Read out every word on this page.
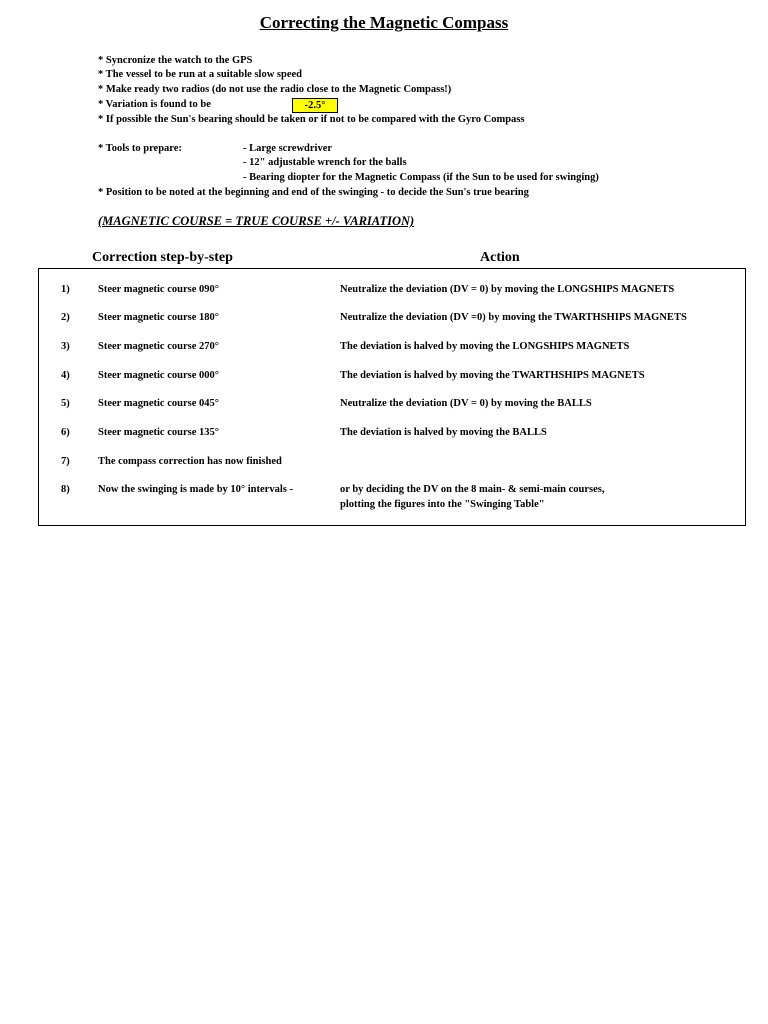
Correcting the Magnetic Compass
* Syncronize the watch to the GPS
* The vessel to be run at a suitable slow speed
* Make ready two radios (do not use the radio close to the Magnetic Compass!)
* Variation is found to be	-2.5°
* If possible the Sun's bearing should be taken or if not to be compared with the Gyro Compass
* Tools to prepare:	- Large screwdriver
- 12" adjustable wrench for the balls
- Bearing diopter for the Magnetic Compass (if the Sun to be used for swinging)
* Position to be noted at the beginning and end of the swinging - to decide the Sun's true bearing
(MAGNETIC COURSE = TRUE COURSE +/- VARIATION)
Correction step-by-step	Action
1)	Steer magnetic course 090°	Neutralize the deviation (DV = 0) by moving the LONGSHIPS MAGNETS
2)	Steer magnetic course 180°	Neutralize the deviation (DV =0) by moving the TWARTHSHIPS MAGNETS
3)	Steer magnetic course 270°	The deviation is halved by moving the LONGSHIPS MAGNETS
4)	Steer magnetic course 000°	The deviation is halved by moving the TWARTHSHIPS MAGNETS
5)	Steer magnetic course 045°	Neutralize the deviation (DV = 0) by moving the BALLS
6)	Steer magnetic course 135°	The deviation is halved by moving the BALLS
7)	The compass correction has now finished
8)	Now the swinging is made by 10° intervals -	or by deciding the DV on the 8 main- & semi-main courses,
plotting the figures into the "Swinging Table"
